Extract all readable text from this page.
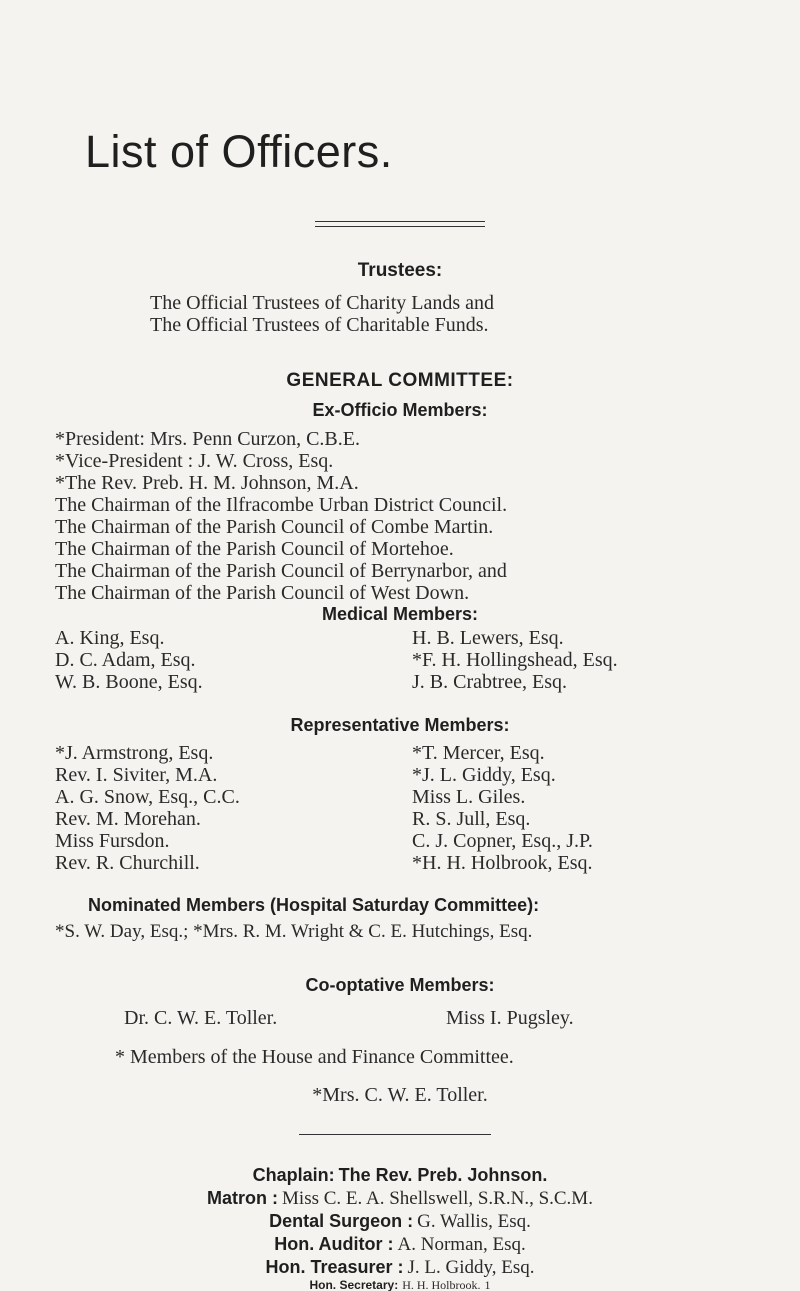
List of Officers.
Trustees:
The Official Trustees of Charity Lands and
The Official Trustees of Charitable Funds.
GENERAL COMMITTEE:
Ex-Officio Members:
*President: Mrs. Penn Curzon, C.B.E.
*Vice-President : J. W. Cross, Esq.
*The Rev. Preb. H. M. Johnson, M.A.
The Chairman of the Ilfracombe Urban District Council.
The Chairman of the Parish Council of Combe Martin.
The Chairman of the Parish Council of Mortehoe.
The Chairman of the Parish Council of Berrynarbor, and
The Chairman of the Parish Council of West Down.
Medical Members:
A. King, Esq.
D. C. Adam, Esq.
W. B. Boone, Esq.
H. B. Lewers, Esq.
*F. H. Hollingshead, Esq.
J. B. Crabtree, Esq.
Representative Members:
*J. Armstrong, Esq.
Rev. I. Siviter, M.A.
A. G. Snow, Esq., C.C.
Rev. M. Morehan.
Miss Fursdon.
Rev. R. Churchill.
*T. Mercer, Esq.
*J. L. Giddy, Esq.
Miss L. Giles.
R. S. Jull, Esq.
C. J. Copner, Esq., J.P.
*H. H. Holbrook, Esq.
Nominated Members (Hospital Saturday Committee):
*S. W. Day, Esq.; *Mrs. R. M. Wright & C. E. Hutchings, Esq.
Co-optative Members:
Dr. C. W. E. Toller.	Miss I. Pugsley.
* Members of the House and Finance Committee.
*Mrs. C. W. E. Toller.
Chaplain: The Rev. Preb. Johnson.
Matron : Miss C. E. A. Shellswell, S.R.N., S.C.M.
Dental Surgeon : G. Wallis, Esq.
Hon. Auditor : A. Norman, Esq.
Hon. Treasurer : J. L. Giddy, Esq.
Hon. Secretary: H. H. Holbrook. 1
